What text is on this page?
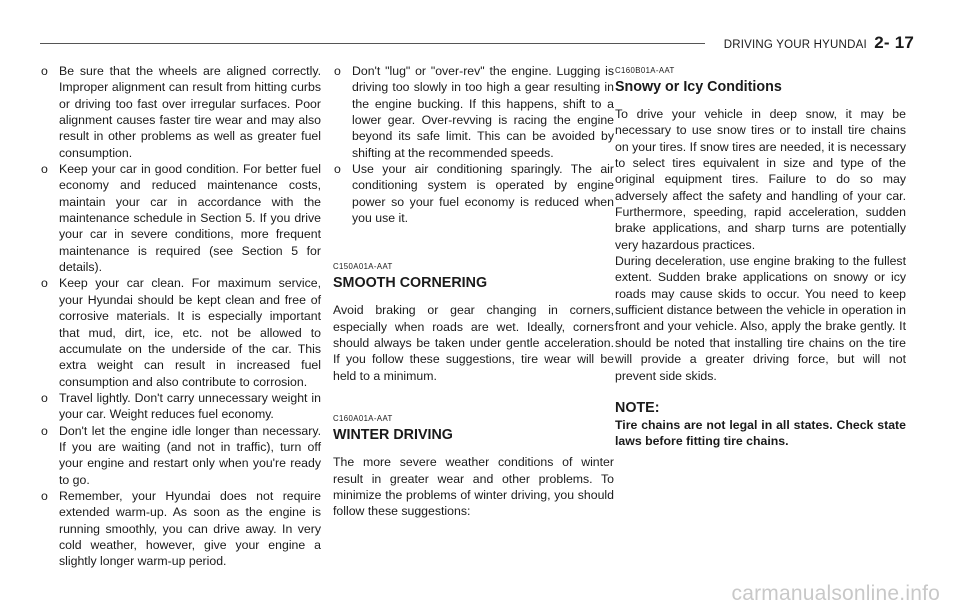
DRIVING YOUR HYUNDAI 2- 17

o Be sure that the wheels are aligned correctly. Improper alignment can result from hitting curbs or driving too fast over irregular surfaces. Poor alignment causes faster tire wear and may also result in other problems as well as greater fuel consumption.

o Keep your car in good condition. For better fuel economy and reduced maintenance costs, maintain your car in accordance with the maintenance schedule in Section 5. If you drive your car in severe conditions, more frequent maintenance is required (see Section 5 for details).

o Keep your car clean. For maximum service, your Hyundai should be kept clean and free of corrosive materials. It is especially important that mud, dirt, ice, etc. not be allowed to accumulate on the underside of the car. This extra weight can result in increased fuel consumption and also contribute to corrosion.

o Travel lightly. Don't carry unnecessary weight in your car. Weight reduces fuel economy.

o Don't let the engine idle longer than necessary. If you are waiting (and not in traffic), turn off your engine and restart only when you're ready to go.

o Remember, your Hyundai does not require extended warm-up. As soon as the engine is running smoothly, you can drive away. In very cold weather, however, give your engine a slightly longer warm-up period.

o Don't "lug" or "over-rev" the engine. Lugging is driving too slowly in too high a gear resulting in the engine bucking. If this happens, shift to a lower gear. Over-revving is racing the engine beyond its safe limit. This can be avoided by shifting at the recommended speeds.

o Use your air conditioning sparingly. The air conditioning system is operated by engine power so your fuel economy is reduced when you use it.

C150A01A-AAT

SMOOTH CORNERING

Avoid braking or gear changing in corners, especially when roads are wet. Ideally, corners should always be taken under gentle acceleration. If you follow these suggestions, tire wear will be held to a minimum.

C160A01A-AAT

WINTER DRIVING

The more severe weather conditions of winter result in greater wear and other problems. To minimize the problems of winter driving, you should follow these suggestions:

C160B01A-AAT

Snowy or Icy Conditions

To drive your vehicle in deep snow, it may be necessary to use snow tires or to install tire chains on your tires. If snow tires are needed, it is necessary to select tires equivalent in size and type of the original equipment tires. Failure to do so may adversely affect the safety and handling of your car. Furthermore, speeding, rapid acceleration, sudden brake applications, and sharp turns are potentially very hazardous practices.

During deceleration, use engine braking to the fullest extent. Sudden brake applications on snowy or icy roads may cause skids to occur. You need to keep sufficient distance between the vehicle in operation in front and your vehicle. Also, apply the brake gently. It should be noted that installing tire chains on the tire will provide a greater driving force, but will not prevent side skids.

NOTE:

Tire chains are not legal in all states. Check state laws before fitting tire chains.

carmanualsonline.info
